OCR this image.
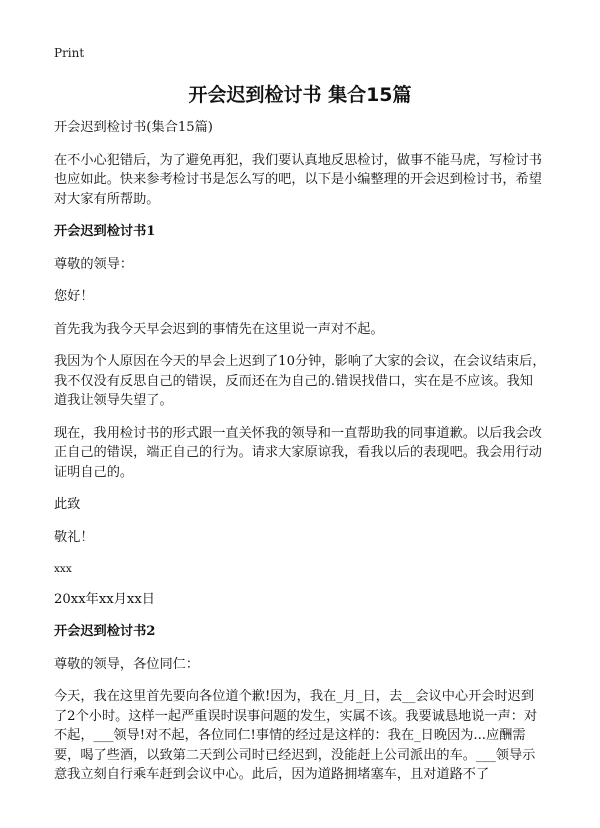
Print
开会迟到检讨书 集合15篇

开会迟到检讨书(集合15篇)

在不小心犯错后，为了避免再犯，我们要认真地反思检讨，做事不能马虎，写检讨书也应如此。快来参考检讨书是怎么写的吧，以下是小编整理的开会迟到检讨书，希望对大家有所帮助。

开会迟到检讨书1

尊敬的领导：

您好！

首先我为我今天早会迟到的事情先在这里说一声对不起。

我因为个人原因在今天的早会上迟到了10分钟，影响了大家的会议，在会议结束后，我不仅没有反思自己的错误，反而还在为自己的.错误找借口，实在是不应该。我知道我让领导失望了。

现在，我用检讨书的形式跟一直关怀我的领导和一直帮助我的同事道歉。以后我会改正自己的错误，端正自己的行为。请求大家原谅我，看我以后的表现吧。我会用行动证明自己的。

此致

敬礼！

xxx

20xx年xx月xx日

开会迟到检讨书2

尊敬的领导，各位同仁：

今天，我在这里首先要向各位道个歉!因为，我在_月_日，去__会议中心开会时迟到了2个小时。这样一起严重误时误事问题的发生，实属不该。我要诚恳地说一声：对不起，___领导!对不起，各位同仁!事情的经过是这样的：我在_日晚因为...应酬需要，喝了些酒，以致第二天到公司时已经迟到，没能赶上公司派出的车。___领导示意我立刻自行乘车赶到会议中心。此后，因为道路拥堵塞车，且对道路不了
